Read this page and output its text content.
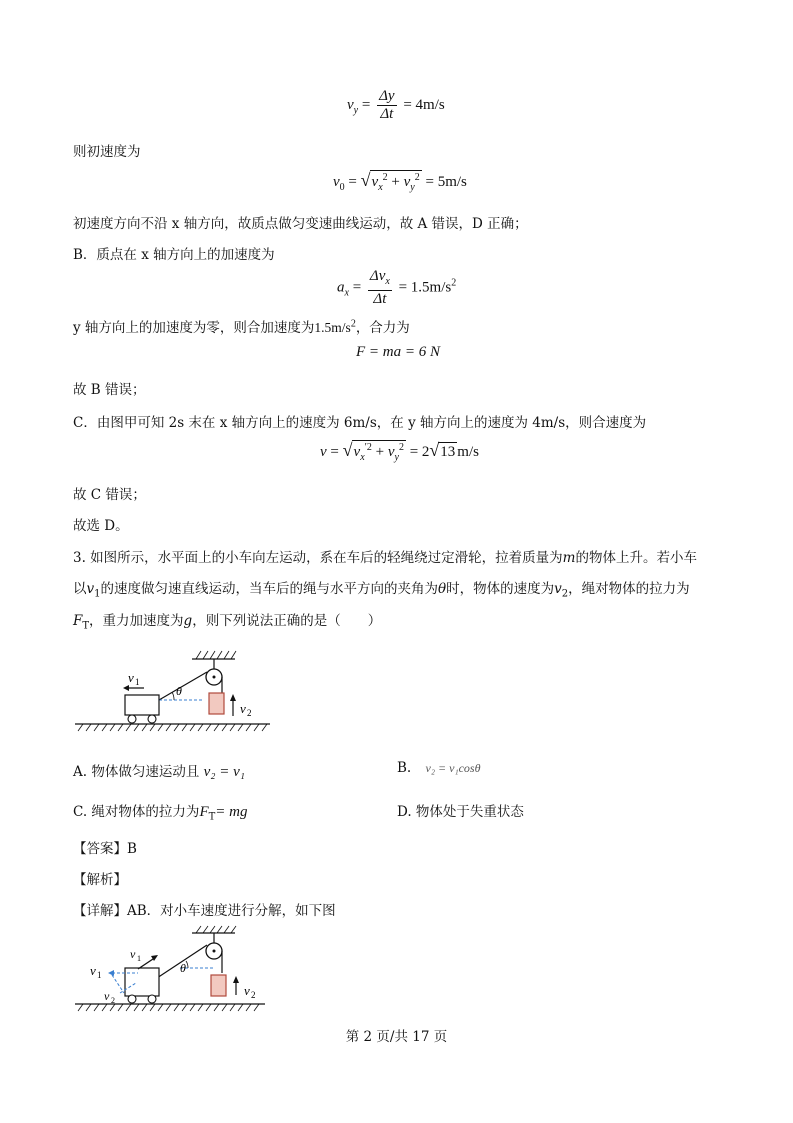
$v_y = \frac{\Delta y}{\Delta t} = 4m/s$
则初速度为
$v_0 = √v_x^2 + v_y^2 = 5m/s$
初速度方向不沿 x 轴方向，故质点做匀变速曲线运动，故 A 错误，D 正确；
B．质点在 x 轴方向上的加速度为
$a_x = \frac{\Delta v_x}{\Delta t} = 1.5m/s^2$
y 轴方向上的加速度为零，则合加速度为$1.5m/s^2$，合力为
F = ma = 6 N
故 B 错误；
C．由图甲可知 2s 末在 x 轴方向上的速度为 6m/s，在 y 轴方向上的速度为 4m/s，则合速度为
$v = √v_x^{'2} + v_y^2 = 2√13$ m/s
故 C 错误；
故选 D。
3. 如图所示，水平面上的小车向左运动，系在车后的轻绳绕过定滑轮，拉着质量为m的物体上升。若小车
以$v_1$的速度做匀速直线运动，当车后的绳与水平方向的夹角为θ时，物体的速度为$v_2$，绳对物体的拉力为
$F_T$，重力加速度为g，则下列说法正确的是（　　）
θ
v 1
v 2
A. 物体做匀速运动且 v₂ = v₁	B. v₂ = v₁cosθ
C. 绳对物体的拉力为$F_T=$ mg	D. 物体处于失重状态
【答案】B
【解析】
【详解】AB．对小车速度进行分解，如下图
θ
v 1
v 1
v 2
v 2
第 2 页/共 17 页
